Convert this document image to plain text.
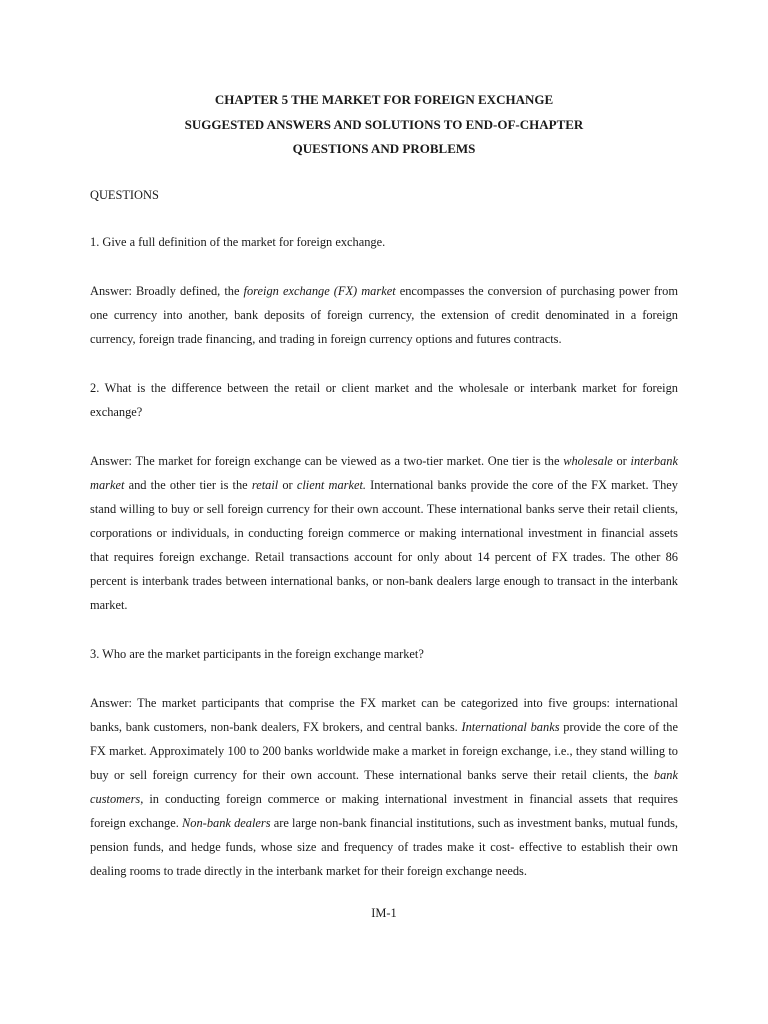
CHAPTER 5 THE MARKET FOR FOREIGN EXCHANGE
SUGGESTED ANSWERS AND SOLUTIONS TO END-OF-CHAPTER
QUESTIONS AND PROBLEMS
QUESTIONS

1. Give a full definition of the market for foreign exchange.

Answer: Broadly defined, the foreign exchange (FX) market encompasses the conversion of purchasing power from one currency into another, bank deposits of foreign currency, the extension of credit denominated in a foreign currency, foreign trade financing, and trading in foreign currency options and futures contracts.

2. What is the difference between the retail or client market and the wholesale or interbank market for foreign exchange?

Answer: The market for foreign exchange can be viewed as a two-tier market. One tier is the wholesale or interbank market and the other tier is the retail or client market. International banks provide the core of the FX market. They stand willing to buy or sell foreign currency for their own account. These international banks serve their retail clients, corporations or individuals, in conducting foreign commerce or making international investment in financial assets that requires foreign exchange. Retail transactions account for only about 14 percent of FX trades. The other 86 percent is interbank trades between international banks, or non-bank dealers large enough to transact in the interbank market.

3. Who are the market participants in the foreign exchange market?

Answer: The market participants that comprise the FX market can be categorized into five groups: international banks, bank customers, non-bank dealers, FX brokers, and central banks. International banks provide the core of the FX market. Approximately 100 to 200 banks worldwide make a market in foreign exchange, i.e., they stand willing to buy or sell foreign currency for their own account. These international banks serve their retail clients, the bank customers, in conducting foreign commerce or making international investment in financial assets that requires foreign exchange. Non-bank dealers are large non-bank financial institutions, such as investment banks, mutual funds, pension funds, and hedge funds, whose size and frequency of trades make it cost- effective to establish their own dealing rooms to trade directly in the interbank market for their foreign exchange needs.

IM-1
